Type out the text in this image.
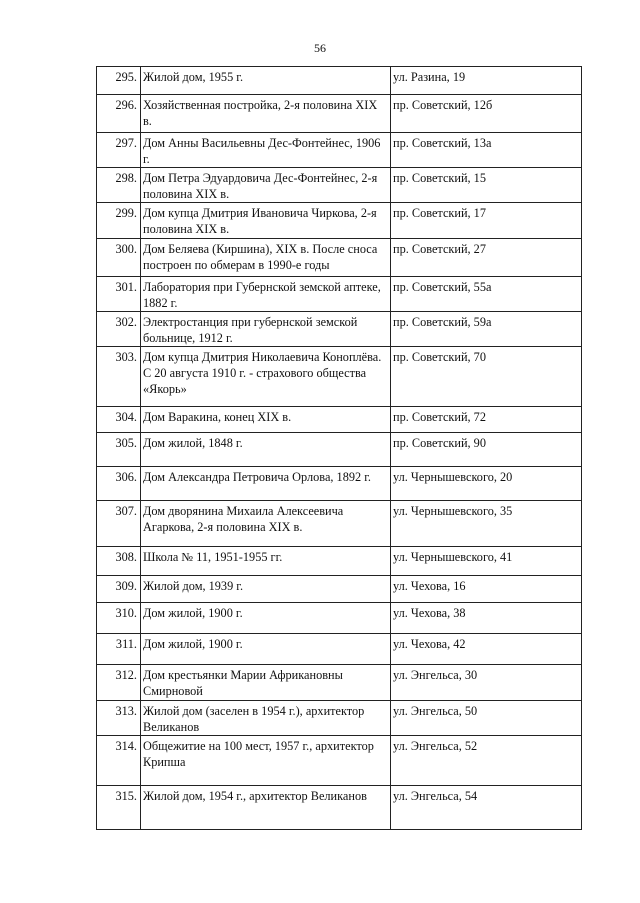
56
295.	Жилой дом, 1955 г.	ул. Разина, 19
296.	Хозяйственная постройка, 2-я половина XIX в.	пр. Советский, 12б
297.	Дом Анны Васильевны Дес-Фонтейнес, 1906 г.	пр. Советский, 13а
298.	Дом Петра Эдуардовича Дес-Фонтейнес, 2-я половина XIX в.	пр. Советский, 15
299.	Дом купца Дмитрия Ивановича Чиркова, 2-я половина XIX в.	пр. Советский, 17
300.	Дом Беляева (Киршина), XIX в. После сноса построен по обмерам в 1990-е годы	пр. Советский, 27
301.	Лаборатория при Губернской земской аптеке, 1882 г.	пр. Советский, 55а
302.	Электростанция при губернской земской больнице, 1912 г.	пр. Советский, 59а
303.	Дом купца Дмитрия Николаевича Коноплёва. С 20 августа 1910 г. - страхового общества «Якорь»	пр. Советский, 70
304.	Дом Варакина, конец XIX в.	пр. Советский, 72
305.	Дом жилой, 1848 г.	пр. Советский, 90
306.	Дом Александра Петровича Орлова, 1892 г.	ул. Чернышевского, 20
307.	Дом дворянина Михаила Алексеевича Агаркова, 2-я половина XIX в.	ул. Чернышевского, 35
308.	Школа № 11, 1951-1955 гг.	ул. Чернышевского, 41
309.	Жилой дом, 1939 г.	ул. Чехова, 16
310.	Дом жилой, 1900 г.	ул. Чехова, 38
311.	Дом жилой, 1900 г.	ул. Чехова, 42
312.	Дом крестьянки Марии Африкановны Смирновой	ул. Энгельса, 30
313.	Жилой дом (заселен в 1954 г.), архитектор Великанов	ул. Энгельса, 50
314.	Общежитие на 100 мест, 1957 г., архитектор Крипша	ул. Энгельса, 52
315.	Жилой дом, 1954 г., архитектор Великанов	ул. Энгельса, 54
